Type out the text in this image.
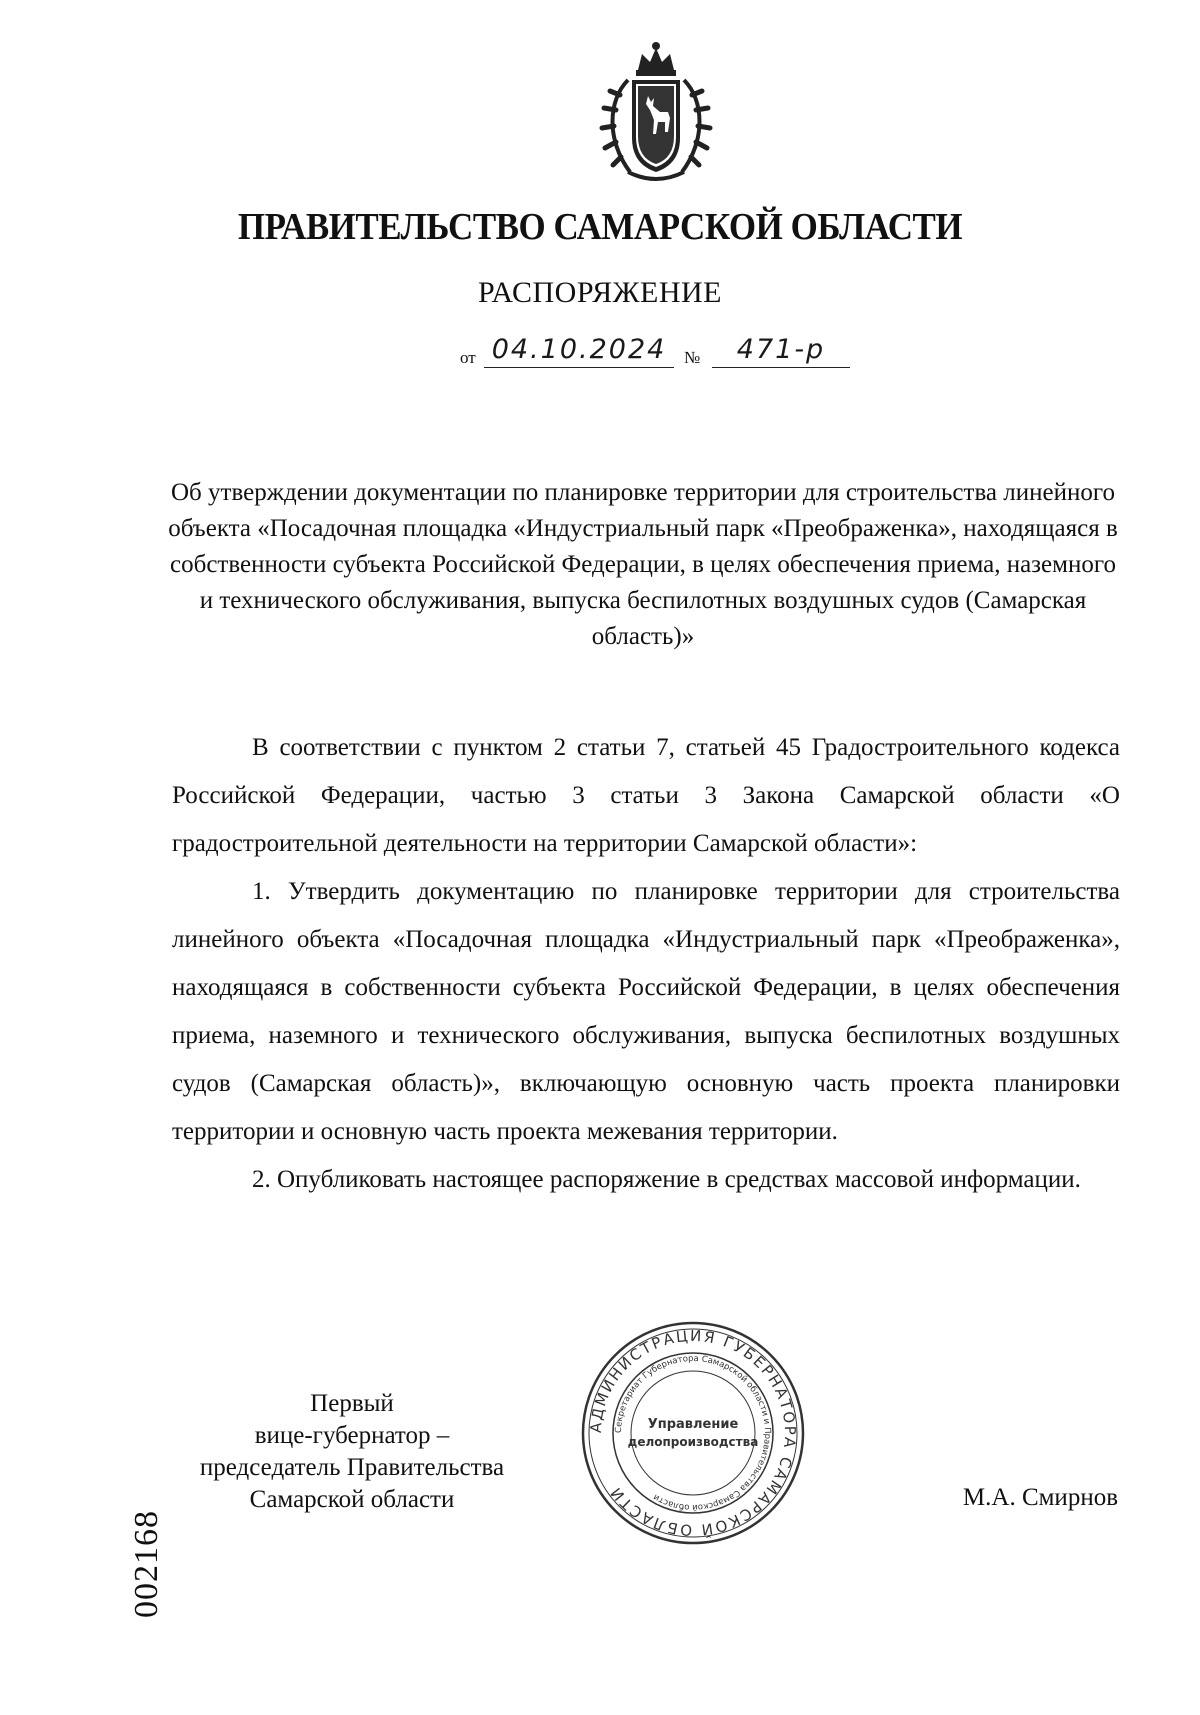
ПРАВИТЕЛЬСТВО САМАРСКОЙ ОБЛАСТИ
РАСПОРЯЖЕНИЕ
от 04.10.2024	№	471-р
Об утверждении документации по планировке территории для строительства линейного объекта «Посадочная площадка «Индустриальный парк «Преображенка», находящаяся в собственности субъекта Российской Федерации, в целях обеспечения приема, наземного и технического обслуживания, выпуска беспилотных воздушных судов (Самарская область)»

В соответствии с пунктом 2 статьи 7, статьей 45 Градостроительного кодекса Российской Федерации, частью 3 статьи 3 Закона Самарской области «О градостроительной деятельности на территории Самарской области»:

1. Утвердить документацию по планировке территории для строительства линейного объекта «Посадочная площадка «Индустриальный парк «Преображенка», находящаяся в собственности субъекта Российской Федерации, в целях обеспечения приема, наземного и технического обслуживания, выпуска беспилотных воздушных судов (Самарская область)», включающую основную часть проекта планировки территории и основную часть проекта межевания территории.

2. Опубликовать настоящее распоряжение в средствах массовой информации.

Первый
вице-губернатор –
председатель Правительства
Самарской области	М.А. Смирнов
АДМИНИСТРАЦИЯ ГУБЕРНАТОРА САМАРСКОЙ ОБЛАСТИ
Секретариат Губернатора Самарской области и Правительства Самарской области
Управление
делопроизводства
002168
